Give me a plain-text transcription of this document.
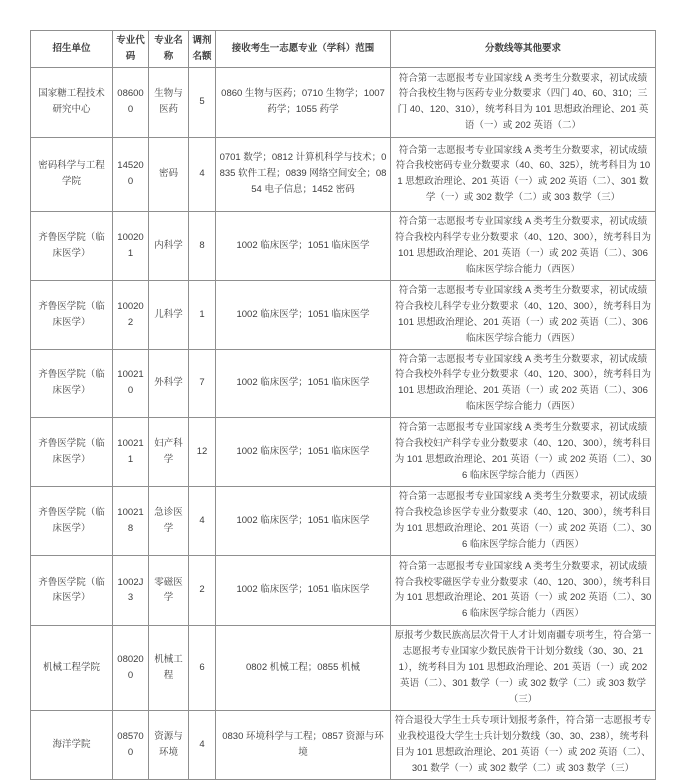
招生单位	专业代码	专业名称	调剂名额	接收考生一志愿专业（学科）范围	分数线等其他要求
国家糖工程技术研究中心	086000	生物与医药	5	0860 生物与医药；0710 生物学；1007 药学；1055 药学	符合第一志愿报考专业国家线 A 类考生分数要求，初试成绩符合我校生物与医药专业分数要求（四门 40、60、310；三门 40、120、310），统考科目为 101 思想政治理论、201 英语（一）或 202 英语（二）
密码科学与工程学院	145200	密码	4	0701 数学；0812 计算机科学与技术；0835 软件工程；0839 网络空间安全；0854 电子信息；1452 密码	符合第一志愿报考专业国家线 A 类考生分数要求，初试成绩符合我校密码专业分数要求（40、60、325），统考科目为 101 思想政治理论、201 英语（一）或 202 英语（二）、301 数学（一）或 302 数学（二）或 303 数学（三）
齐鲁医学院（临床医学）	100201	内科学	8	1002 临床医学；1051 临床医学	符合第一志愿报考专业国家线 A 类考生分数要求，初试成绩符合我校内科学专业分数要求（40、120、300），统考科目为 101 思想政治理论、201 英语（一）或 202 英语（二）、306 临床医学综合能力（西医）
齐鲁医学院（临床医学）	100202	儿科学	1	1002 临床医学；1051 临床医学	符合第一志愿报考专业国家线 A 类考生分数要求，初试成绩符合我校儿科学专业分数要求（40、120、300），统考科目为 101 思想政治理论、201 英语（一）或 202 英语（二）、306 临床医学综合能力（西医）
齐鲁医学院（临床医学）	100210	外科学	7	1002 临床医学；1051 临床医学	符合第一志愿报考专业国家线 A 类考生分数要求，初试成绩符合我校外科学专业分数要求（40、120、300），统考科目为 101 思想政治理论、201 英语（一）或 202 英语（二）、306 临床医学综合能力（西医）
齐鲁医学院（临床医学）	100211	妇产科学	12	1002 临床医学；1051 临床医学	符合第一志愿报考专业国家线 A 类考生分数要求，初试成绩符合我校妇产科学专业分数要求（40、120、300），统考科目为 101 思想政治理论、201 英语（一）或 202 英语（二）、306 临床医学综合能力（西医）
齐鲁医学院（临床医学）	100218	急诊医学	4	1002 临床医学；1051 临床医学	符合第一志愿报考专业国家线 A 类考生分数要求，初试成绩符合我校急诊医学专业分数要求（40、120、300），统考科目为 101 思想政治理论、201 英语（一）或 202 英语（二）、306 临床医学综合能力（西医）
齐鲁医学院（临床医学）	1002J3	零磁医学	2	1002 临床医学；1051 临床医学	符合第一志愿报考专业国家线 A 类考生分数要求，初试成绩符合我校零磁医学专业分数要求（40、120、300），统考科目为 101 思想政治理论、201 英语（一）或 202 英语（二）、306 临床医学综合能力（西医）
机械工程学院	080200	机械工程	6	0802 机械工程；0855 机械	原报考少数民族高层次骨干人才计划南疆专项考生，符合第一志愿报考专业国家少数民族骨干计划分数线（30、30、211），统考科目为 101 思想政治理论、201 英语（一）或 202 英语（二）、301 数学（一）或 302 数学（二）或 303 数学（三）
海洋学院	085700	资源与环境	4	0830 环境科学与工程；0857 资源与环境	符合退役大学生士兵专项计划报考条件，符合第一志愿报考专业我校退役大学生士兵计划分数线（30、30、238），统考科目为 101 思想政治理论、201 英语（一）或 202 英语（二）、301 数学（一）或 302 数学（二）或 303 数学（三）
